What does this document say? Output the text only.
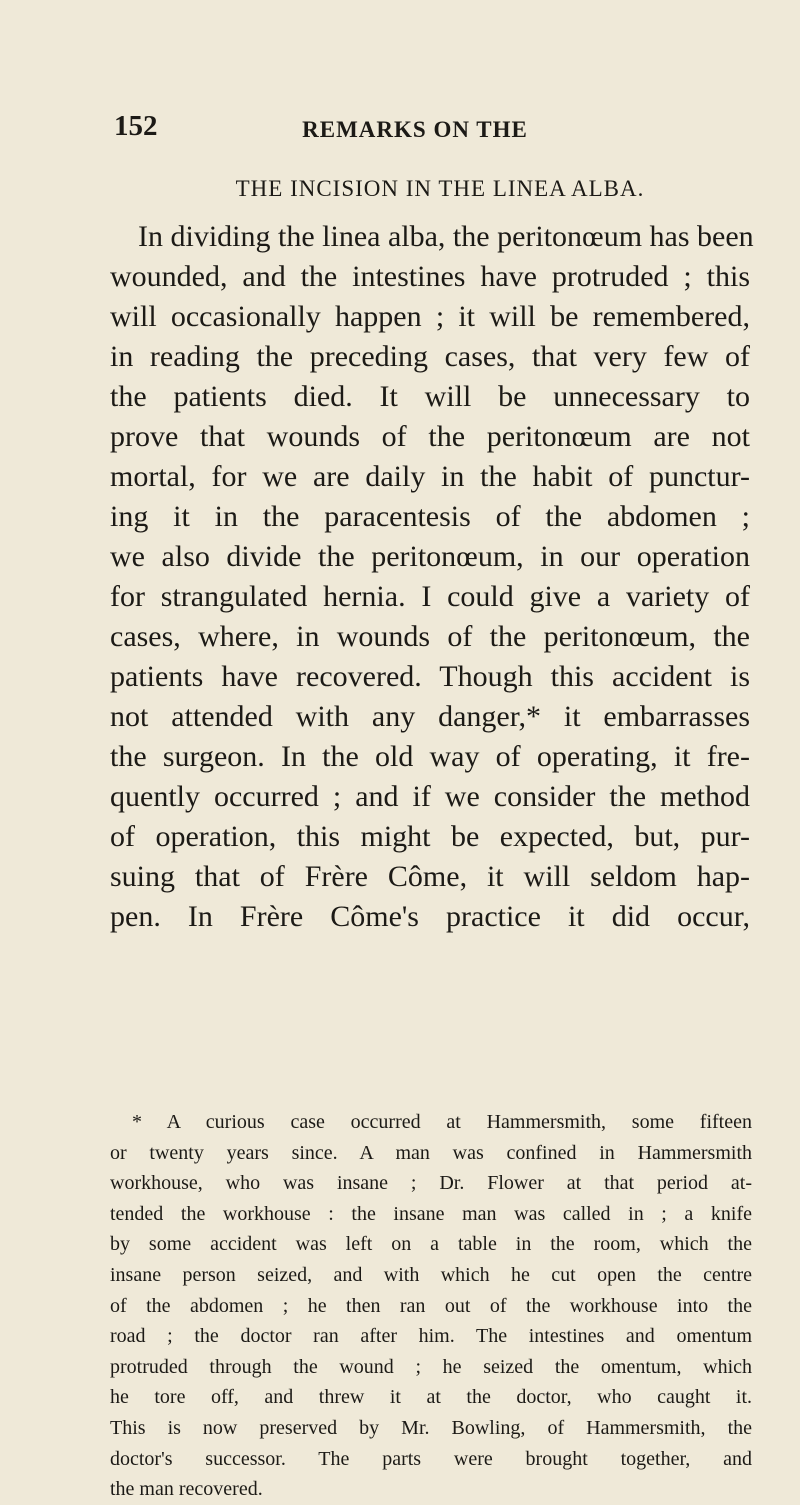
152	REMARKS ON THE
THE INCISION IN THE LINEA ALBA.
In dividing the linea alba, the peritonœum has been
wounded, and the intestines have protruded ; this
will occasionally happen ; it will be remembered,
in reading the preceding cases, that very few of
the patients died. It will be unnecessary to
prove that wounds of the peritonœum are not
mortal, for we are daily in the habit of punctur-
ing it in the paracentesis of the abdomen ;
we also divide the peritonœum, in our operation
for strangulated hernia. I could give a variety of
cases, where, in wounds of the peritonœum, the
patients have recovered. Though this accident is
not attended with any danger,* it embarrasses
the surgeon. In the old way of operating, it fre-
quently occurred ; and if we consider the method
of operation, this might be expected, but, pur-
suing that of Frère Côme, it will seldom hap-
pen. In Frère Côme's practice it did occur,
* A curious case occurred at Hammersmith, some fifteen
or twenty years since. A man was confined in Hammersmith
workhouse, who was insane ; Dr. Flower at that period at-
tended the workhouse : the insane man was called in ; a knife
by some accident was left on a table in the room, which the
insane person seized, and with which he cut open the centre
of the abdomen ; he then ran out of the workhouse into the
road ; the doctor ran after him. The intestines and omentum
protruded through the wound ; he seized the omentum, which
he tore off, and threw it at the doctor, who caught it.
This is now preserved by Mr. Bowling, of Hammersmith, the
doctor's successor. The parts were brought together, and
the man recovered.
